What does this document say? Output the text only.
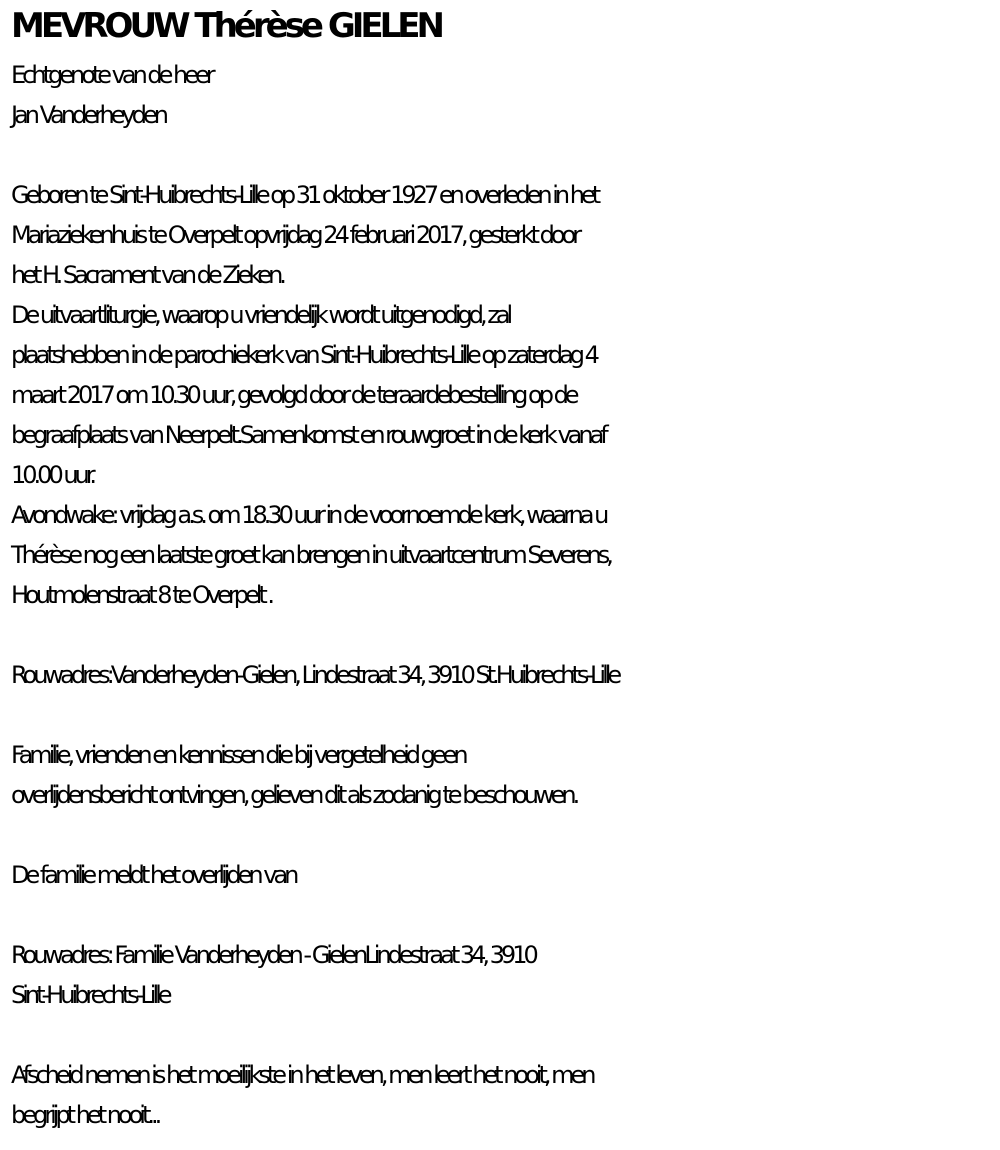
MEVROUW Thérèse GIELEN
Echtgenote van de heer
Jan Vanderheyden
Geboren te Sint-Huibrechts-Lille op 31 oktober 1927 en overleden in het
Mariaziekenhuis te Overpelt opvrijdag 24 februari 2017, gesterkt door
het H. Sacrament van de Zieken.
De uitvaartliturgie, waarop u vriendelijk wordt uitgenodigd, zal
plaatshebben in de parochiekerk van Sint-Huibrechts-Lille op zaterdag 4
maart 2017 om 10.30 uur, gevolgd door de teraardebestelling op de
begraafplaats van Neerpelt.Samenkomst en rouwgroet in de kerk vanaf
10.00 uur.
Avondwake: vrijdag a.s. om 18.30 uur in de voornoemde kerk, waarna u
Thérèse nog een laatste groet kan brengen in uitvaartcentrum Severens,
Houtmolenstraat 8 te Overpelt .
Rouwadres:Vanderheyden-Gielen, Lindestraat 34, 3910 St.Huibrechts-Lille
Familie, vrienden en kennissen die bij vergetelheid geen
overlijdensbericht ontvingen, gelieven dit als zodanig te beschouwen.
De familie meldt het overlijden van
Rouwadres: Familie Vanderheyden - GielenLindestraat 34, 3910
Sint-Huibrechts-Lille
Afscheid nemen is het moeilijkste in het leven, men leert het nooit, men
begrijpt het nooit...
